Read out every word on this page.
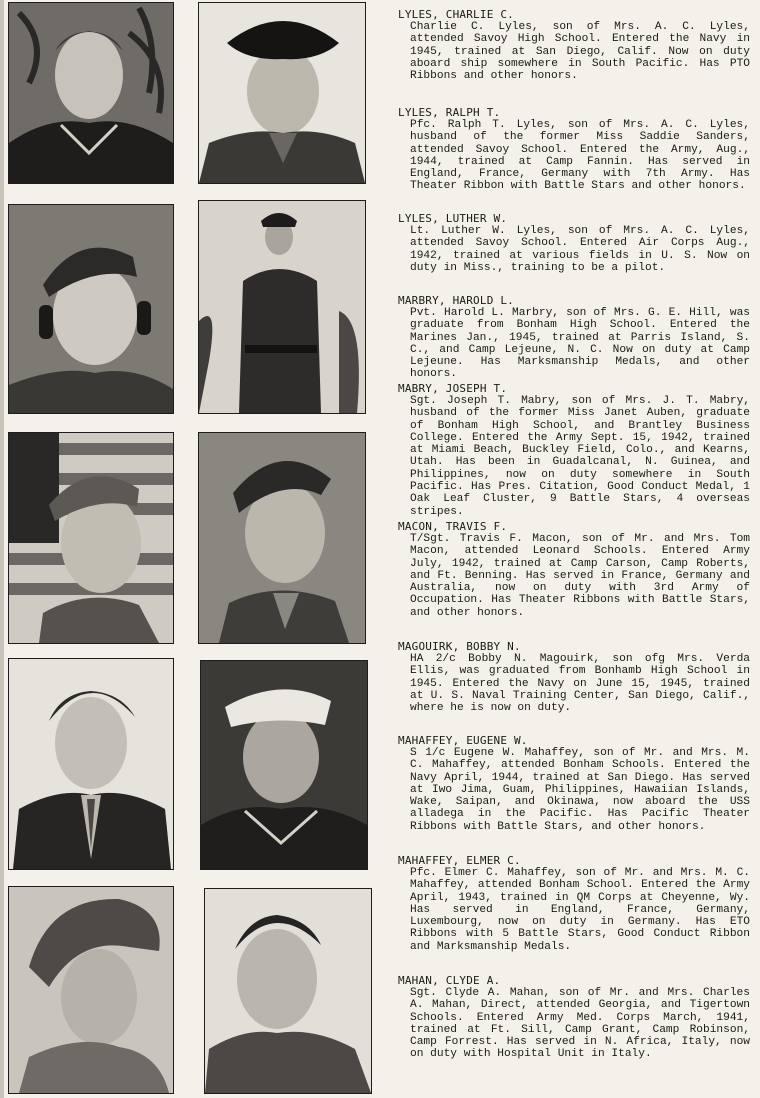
LYLES, CHARLIE C.
Charlie C. Lyles, son of Mrs. A. C. Lyles, attended Savoy High School. Entered the Navy in 1945, trained at San Diego, Calif. Now on duty aboard ship somewhere in South Pacific. Has PTO Ribbons and other honors.
LYLES, RALPH T.
Pfc. Ralph T. Lyles, son of Mrs. A. C. Lyles, husband of the former Miss Saddie Sanders, attended Savoy School. Entered the Army, Aug., 1944, trained at Camp Fannin. Has served in England, France, Germany with 7th Army. Has Theater Ribbon with Battle Stars and other honors.
LYLES, LUTHER W.
Lt. Luther W. Lyles, son of Mrs. A. C. Lyles, attended Savoy School. Entered Air Corps Aug., 1942, trained at various fields in U. S. Now on duty in Miss., training to be a pilot.
MARBRY, HAROLD L.
Pvt. Harold L. Marbry, son of Mrs. G. E. Hill, was graduate from Bonham High School. Entered the Marines Jan., 1945, trained at Parris Island, S. C., and Camp Lejeune, N. C. Now on duty at Camp Lejeune. Has Marksmanship Medals, and other honors.
MABRY, JOSEPH T.
Sgt. Joseph T. Mabry, son of Mrs. J. T. Mabry, husband of the former Miss Janet Auben, graduate of Bonham High School, and Brantley Business College. Entered the Army Sept. 15, 1942, trained at Miami Beach, Buckley Field, Colo., and Kearns, Utah. Has been in Guadalcanal, N. Guinea, and Philippines, now on duty somewhere in South Pacific. Has Pres. Citation, Good Conduct Medal, 1 Oak Leaf Cluster, 9 Battle Stars, 4 overseas stripes.
MACON, TRAVIS F.
T/Sgt. Travis F. Macon, son of Mr. and Mrs. Tom Macon, attended Leonard Schools. Entered Army July, 1942, trained at Camp Carson, Camp Roberts, and Ft. Benning. Has served in France, Germany and Australia, now on duty with 3rd Army of Occupation. Has Theater Ribbons with Battle Stars, and other honors.
MAGOUIRK, BOBBY N.
HA 2/c Bobby N. Magouirk, son ofg Mrs. Verda Ellis, was graduated from Bonhamb High School in 1945. Entered the Navy on June 15, 1945, trained at U. S. Naval Training Center, San Diego, Calif., where he is now on duty.
MAHAFFEY, EUGENE W.
S 1/c Eugene W. Mahaffey, son of Mr. and Mrs. M. C. Mahaffey, attended Bonham Schools. Entered the Navy April, 1944, trained at San Diego. Has served at Iwo Jima, Guam, Philippines, Hawaiian Islands, Wake, Saipan, and Okinawa, now aboard the USS alladega in the Pacific. Has Pacific Theater Ribbons with Battle Stars, and other honors.
MAHAFFEY, ELMER C.
Pfc. Elmer C. Mahaffey, son of Mr. and Mrs. M. C. Mahaffey, attended Bonham School. Entered the Army April, 1943, trained in QM Corps at Cheyenne, Wy. Has served in England, France, Germany, Luxembourg, now on duty in Germany. Has ETO Ribbons with 5 Battle Stars, Good Conduct Ribbon and Marksmanship Medals.
MAHAN, CLYDE A.
Sgt. Clyde A. Mahan, son of Mr. and Mrs. Charles A. Mahan, Direct, attended Georgia, and Tigertown Schools. Entered Army Med. Corps March, 1941, trained at Ft. Sill, Camp Grant, Camp Robinson, Camp Forrest. Has served in N. Africa, Italy, now on duty with Hospital Unit in Italy.
